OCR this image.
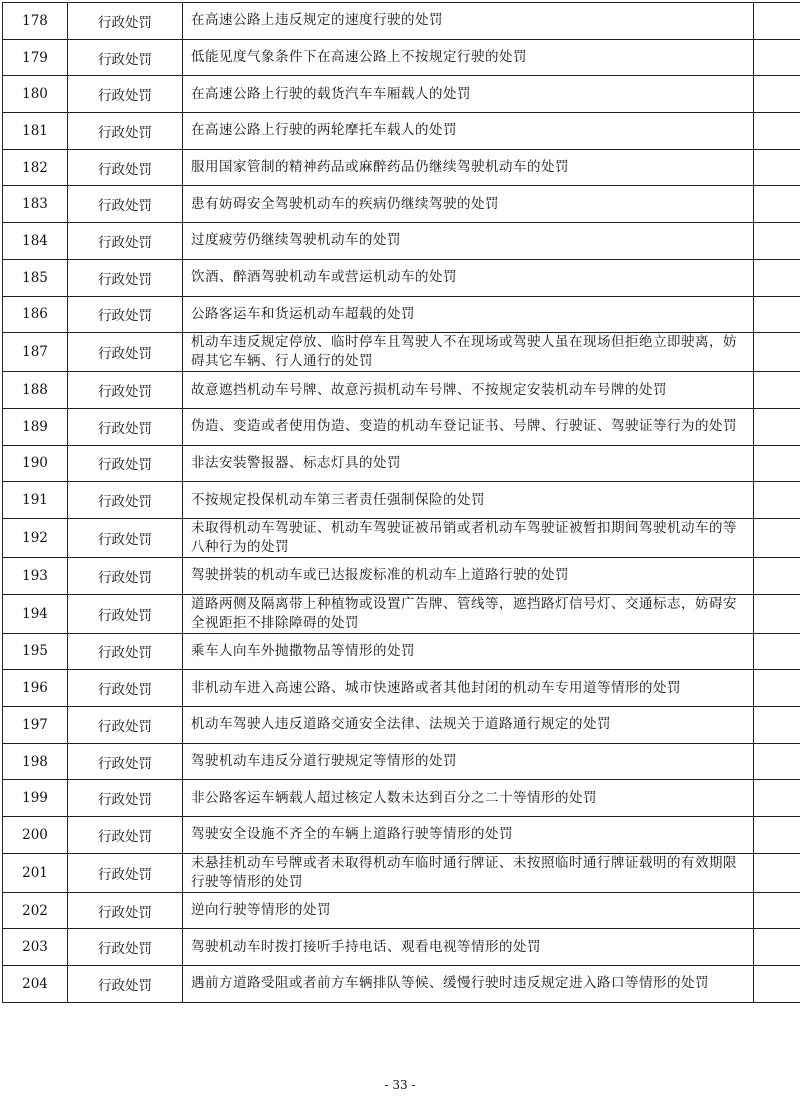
178	行政处罚	在高速公路上违反规定的速度行驶的处罚	
179	行政处罚	低能见度气象条件下在高速公路上不按规定行驶的处罚	
180	行政处罚	在高速公路上行驶的载货汽车车厢载人的处罚	
181	行政处罚	在高速公路上行驶的两轮摩托车载人的处罚	
182	行政处罚	服用国家管制的精神药品或麻醉药品仍继续驾驶机动车的处罚	
183	行政处罚	患有妨碍安全驾驶机动车的疾病仍继续驾驶的处罚	
184	行政处罚	过度疲劳仍继续驾驶机动车的处罚	
185	行政处罚	饮酒、醉酒驾驶机动车或营运机动车的处罚	
186	行政处罚	公路客运车和货运机动车超载的处罚	
187	行政处罚	机动车违反规定停放、临时停车且驾驶人不在现场或驾驶人虽在现场但拒绝立即驶离，妨碍其它车辆、行人通行的处罚	
188	行政处罚	故意遮挡机动车号牌、故意污损机动车号牌、不按规定安装机动车号牌的处罚	
189	行政处罚	伪造、变造或者使用伪造、变造的机动车登记证书、号牌、行驶证、驾驶证等行为的处罚	
190	行政处罚	非法安装警报器、标志灯具的处罚	
191	行政处罚	不按规定投保机动车第三者责任强制保险的处罚	
192	行政处罚	未取得机动车驾驶证、机动车驾驶证被吊销或者机动车驾驶证被暂扣期间驾驶机动车的等八种行为的处罚	
193	行政处罚	驾驶拼装的机动车或已达报废标准的机动车上道路行驶的处罚	
194	行政处罚	道路两侧及隔离带上种植物或设置广告牌、管线等，遮挡路灯信号灯、交通标志，妨碍安全视距拒不排除障碍的处罚	
195	行政处罚	乘车人向车外抛撒物品等情形的处罚	
196	行政处罚	非机动车进入高速公路、城市快速路或者其他封闭的机动车专用道等情形的处罚	
197	行政处罚	机动车驾驶人违反道路交通安全法律、法规关于道路通行规定的处罚	
198	行政处罚	驾驶机动车违反分道行驶规定等情形的处罚	
199	行政处罚	非公路客运车辆载人超过核定人数未达到百分之二十等情形的处罚	
200	行政处罚	驾驶安全设施不齐全的车辆上道路行驶等情形的处罚	
201	行政处罚	未悬挂机动车号牌或者未取得机动车临时通行牌证、未按照临时通行牌证载明的有效期限行驶等情形的处罚	
202	行政处罚	逆向行驶等情形的处罚	
203	行政处罚	驾驶机动车时拨打接听手持电话、观看电视等情形的处罚	
204	行政处罚	遇前方道路受阻或者前方车辆排队等候、缓慢行驶时违反规定进入路口等情形的处罚	
- 33 -
